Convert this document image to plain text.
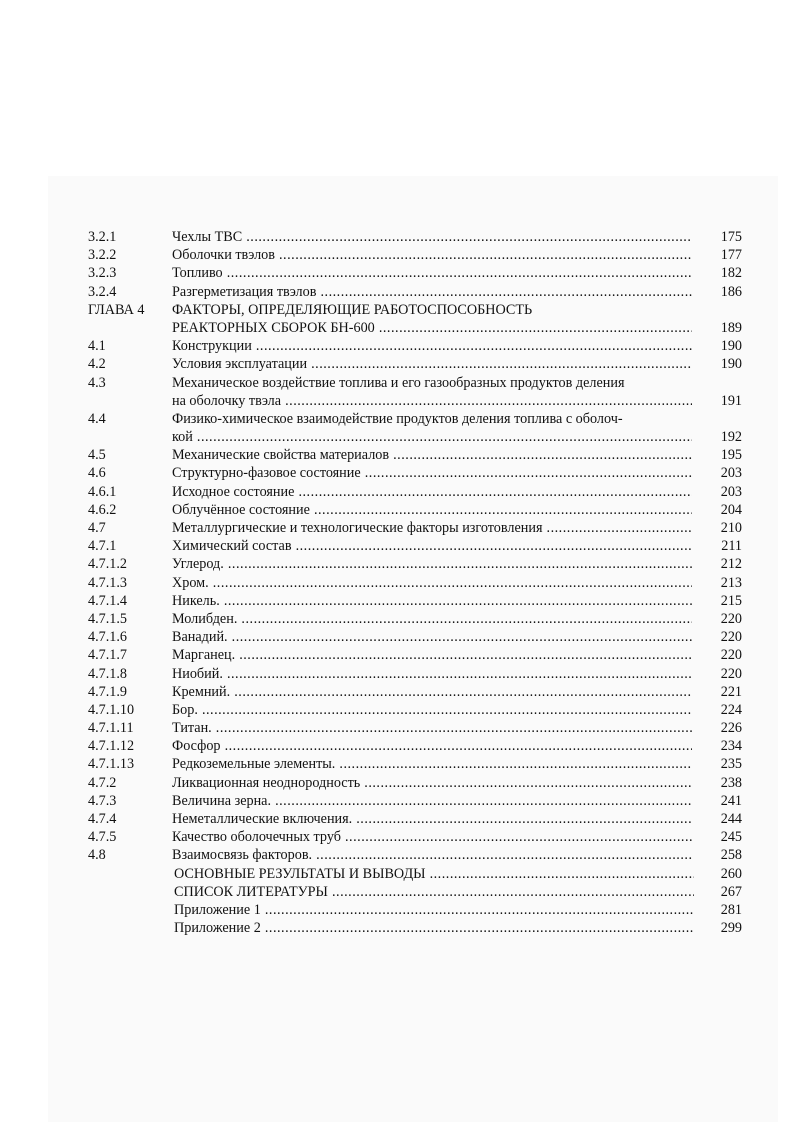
3.2.1	Чехлы ТВС .....	175
3.2.2	Оболочки твэлов .....	177
3.2.3	Топливо .....	182
3.2.4	Разгерметизация твэлов .....	186
ГЛАВА 4 ФАКТОРЫ, ОПРЕДЕЛЯЮЩИЕ РАБОТОСПОСОБНОСТЬ
РЕАКТОРНЫХ СБОРОК БН-600 .....	189
4.1	Конструкции .....	190
4.2	Условия эксплуатации .....	190
4.3	Механическое воздействие топлива и его газообразных продуктов деления
на оболочку твэла .....	191
4.4	Физико-химическое взаимодействие продуктов деления топлива с оболоч-
кой .....	192
4.5	Механические свойства материалов .....	195
4.6	Структурно-фазовое состояние .....	203
4.6.1	Исходное состояние .....	203
4.6.2	Облучённое состояние .....	204
4.7	Металлургические и технологические факторы изготовления .....	210
4.7.1	Химический состав .....	211
4.7.1.2	Углерод. .....	212
4.7.1.3	Хром. .....	213
4.7.1.4	Никель. .....	215
4.7.1.5	Молибден. .....	220
4.7.1.6	Ванадий. .....	220
4.7.1.7	Марганец. .....	220
4.7.1.8	Ниобий. .....	220
4.7.1.9	Кремний. .....	221
4.7.1.10	Бор. .....	224
4.7.1.11	Титан. .....	226
4.7.1.12	Фосфор .....	234
4.7.1.13	Редкоземельные элементы. .....	235
4.7.2	Ликвационная неоднородность .....	238
4.7.3	Величина зерна. .....	241
4.7.4	Неметаллические включения. .....	244
4.7.5	Качество оболочечных труб .....	245
4.8	Взаимосвязь факторов. .....	258
ОСНОВНЫЕ РЕЗУЛЬТАТЫ И ВЫВОДЫ .....	260
СПИСОК ЛИТЕРАТУРЫ .....	267
Приложение 1 .....	281
Приложение 2 .....	299
